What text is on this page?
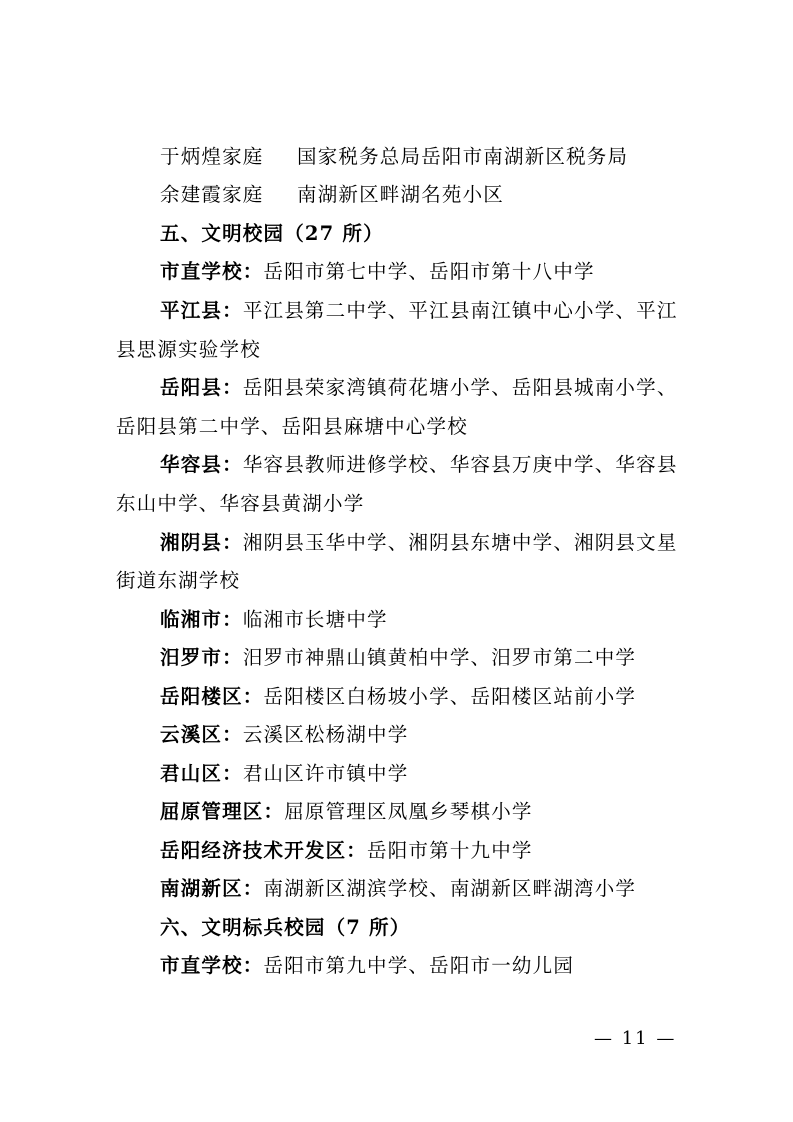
于炳煌家庭 国家税务总局岳阳市南湖新区税务局
余建霞家庭 南湖新区畔湖名苑小区
五、文明校园（27 所）
市直学校：岳阳市第七中学、岳阳市第十八中学
平江县：平江县第二中学、平江县南江镇中心小学、平江
县思源实验学校
岳阳县：岳阳县荣家湾镇荷花塘小学、岳阳县城南小学、
岳阳县第二中学、岳阳县麻塘中心学校
华容县：华容县教师进修学校、华容县万庚中学、华容县
东山中学、华容县黄湖小学
湘阴县：湘阴县玉华中学、湘阴县东塘中学、湘阴县文星
街道东湖学校
临湘市：临湘市长塘中学
汨罗市：汨罗市神鼎山镇黄柏中学、汨罗市第二中学
岳阳楼区：岳阳楼区白杨坡小学、岳阳楼区站前小学
云溪区：云溪区松杨湖中学
君山区：君山区许市镇中学
屈原管理区：屈原管理区凤凰乡琴棋小学
岳阳经济技术开发区：岳阳市第十九中学
南湖新区：南湖新区湖滨学校、南湖新区畔湖湾小学
六、文明标兵校园（7 所）
市直学校：岳阳市第九中学、岳阳市一幼儿园
— 11 —
